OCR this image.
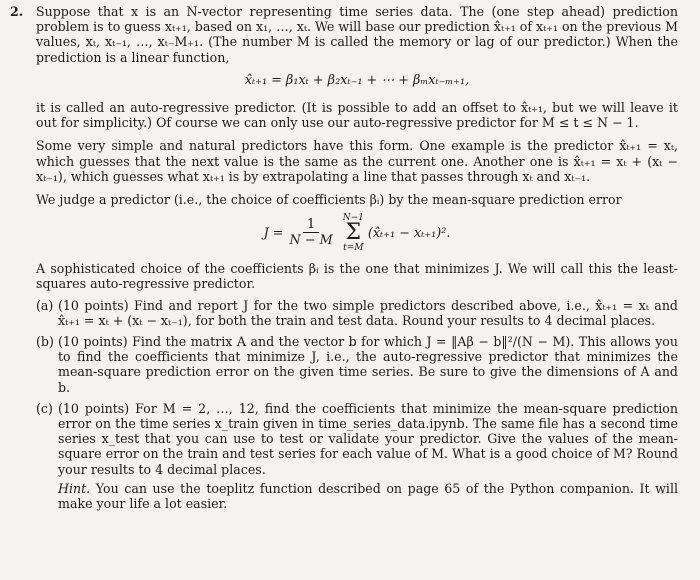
2. Suppose that x is an N-vector representing time series data. The (one step ahead) prediction problem is to guess xₜ₊₁, based on x₁, …, xₜ. We will base our prediction x̂ₜ₊₁ of xₜ₊₁ on the previous M values, xₜ, xₜ₋₁, …, xₜ₋M₊₁. (The number M is called the memory or lag of our predictor.) When the prediction is a linear function,

x̂ₜ₊₁ = β₁xₜ + β₂xₜ₋₁ + ⋯ + βₘxₜ₋ₘ₊₁,

it is called an auto-regressive predictor. (It is possible to add an offset to x̂ₜ₊₁, but we will leave it out for simplicity.) Of course we can only use our auto-regressive predictor for M ≤ t ≤ N − 1.

Some very simple and natural predictors have this form. One example is the predictor x̂ₜ₊₁ = xₜ, which guesses that the next value is the same as the current one. Another one is x̂ₜ₊₁ = xₜ + (xₜ − xₜ₋₁), which guesses what xₜ₊₁ is by extrapolating a line that passes through xₜ and xₜ₋₁.

We judge a predictor (i.e., the choice of coefficients βᵢ) by the mean-square prediction error

$J = \frac{1}{N - M} N-1$
Σ
t=M
(x̂ₜ₊₁ − xₜ₊₁)².

A sophisticated choice of the coefficients βᵢ is the one that minimizes J. We will call this the least-squares auto-regressive predictor.

(a) (10 points) Find and report J for the two simple predictors described above, i.e., x̂ₜ₊₁ = xₜ and x̂ₜ₊₁ = xₜ + (xₜ − xₜ₋₁), for both the train and test data. Round your results to 4 decimal places.

(b) (10 points) Find the matrix A and the vector b for which J = ‖Aβ − b‖²/(N − M). This allows you to find the coefficients that minimize J, i.e., the auto-regressive predictor that minimizes the mean-square prediction error on the given time series. Be sure to give the dimensions of A and b.

(c) (10 points) For M = 2, …, 12, find the coefficients that minimize the mean-square prediction error on the time series x_train given in time_series_data.ipynb. The same file has a second time series x_test that you can use to test or validate your predictor. Give the values of the mean-square error on the train and test series for each value of M. What is a good choice of M? Round your results to 4 decimal places.

Hint. You can use the toeplitz function described on page 65 of the Python companion. It will make your life a lot easier.
